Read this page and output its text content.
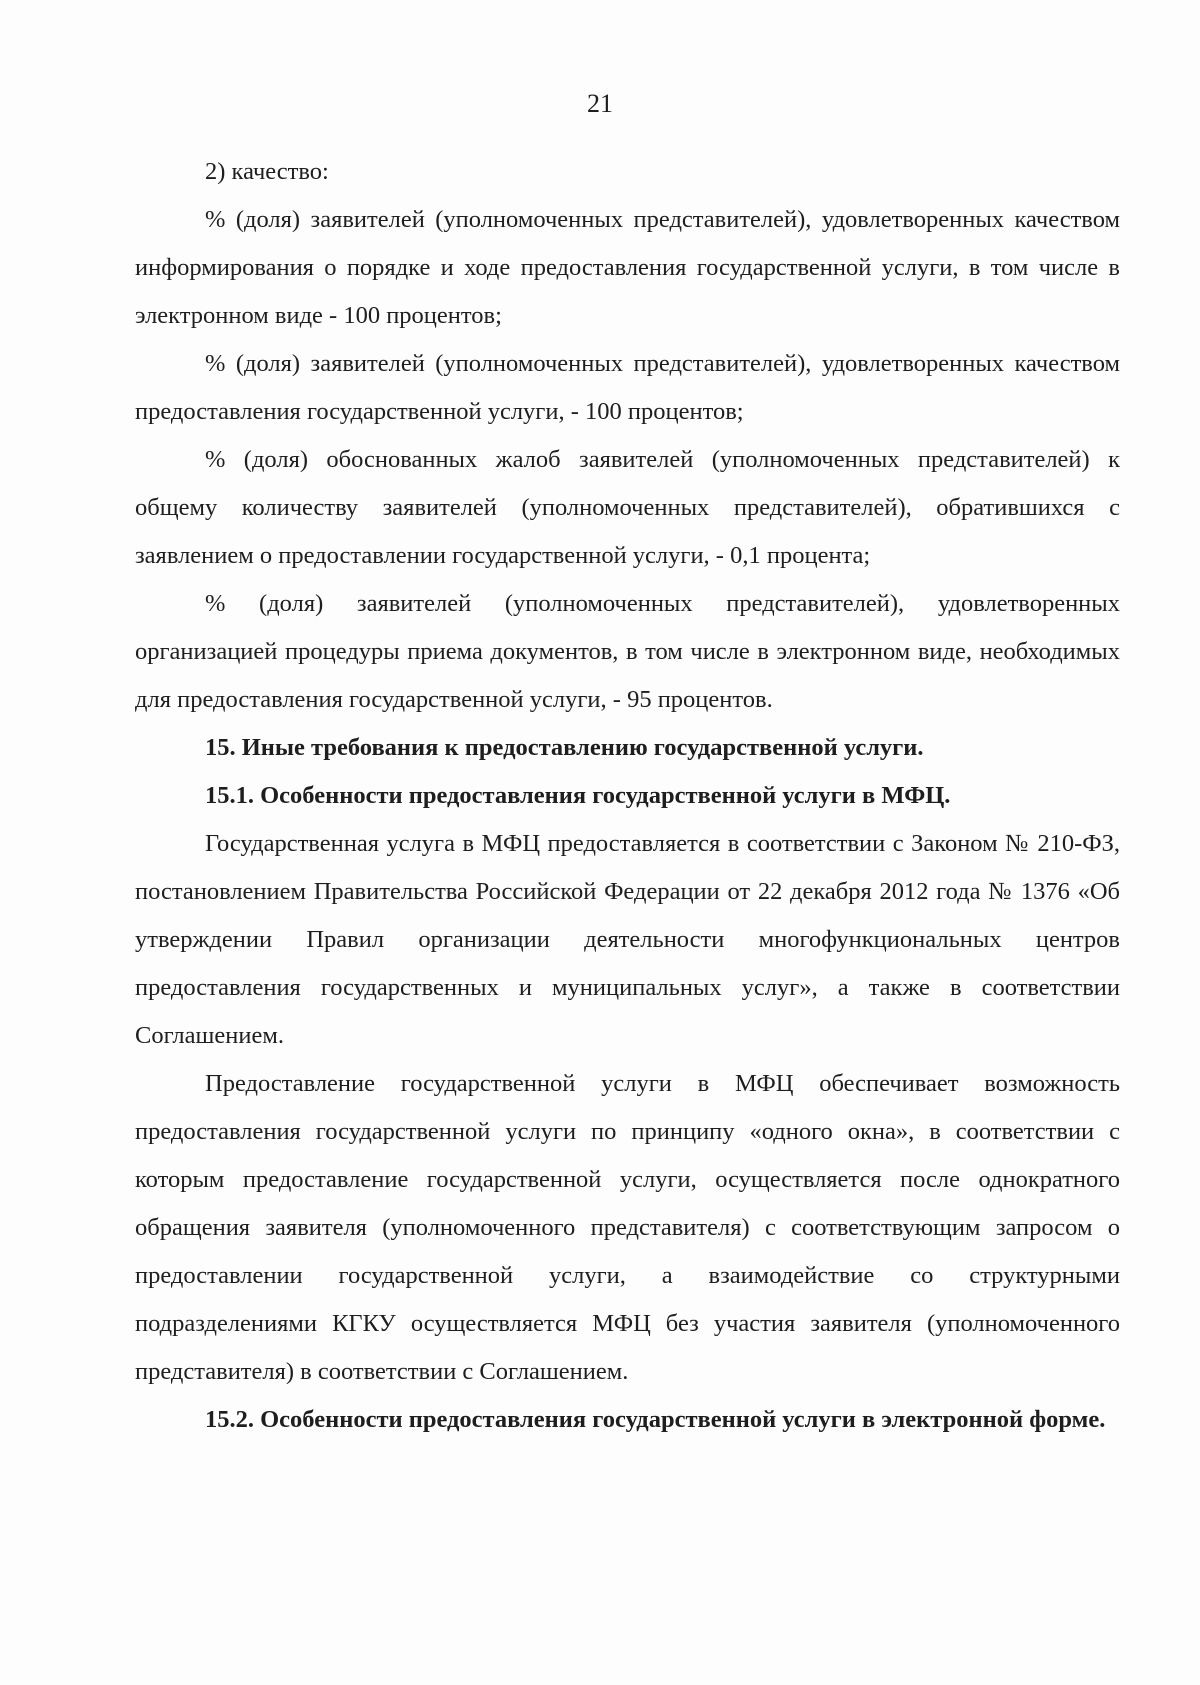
21

2) качество:

% (доля) заявителей (уполномоченных представителей), удовлетворенных качеством информирования о порядке и ходе предоставления государственной услуги, в том числе в электронном виде - 100 процентов;

% (доля) заявителей (уполномоченных представителей), удовлетворенных качеством предоставления государственной услуги, - 100 процентов;

% (доля) обоснованных жалоб заявителей (уполномоченных представителей) к общему количеству заявителей (уполномоченных представителей), обратившихся с заявлением о предоставлении государственной услуги, - 0,1 процента;

% (доля) заявителей (уполномоченных представителей), удовлетворенных организацией процедуры приема документов, в том числе в электронном виде, необходимых для предоставления государственной услуги, - 95 процентов.

15. Иные требования к предоставлению государственной услуги.

15.1. Особенности предоставления государственной услуги в МФЦ.

Государственная услуга в МФЦ предоставляется в соответствии с Законом № 210-ФЗ, постановлением Правительства Российской Федерации от 22 декабря 2012 года № 1376 «Об утверждении Правил организации деятельности многофункциональных центров предоставления государственных и муниципальных услуг», а также в соответствии Соглашением.

Предоставление государственной услуги в МФЦ обеспечивает возможность предоставления государственной услуги по принципу «одного окна», в соответствии с которым предоставление государственной услуги, осуществляется после однократного обращения заявителя (уполномоченного представителя) с соответствующим запросом о предоставлении государственной услуги, а взаимодействие со структурными подразделениями КГКУ осуществляется МФЦ без участия заявителя (уполномоченного представителя) в соответствии с Соглашением.

15.2. Особенности предоставления государственной услуги в электронной форме.
